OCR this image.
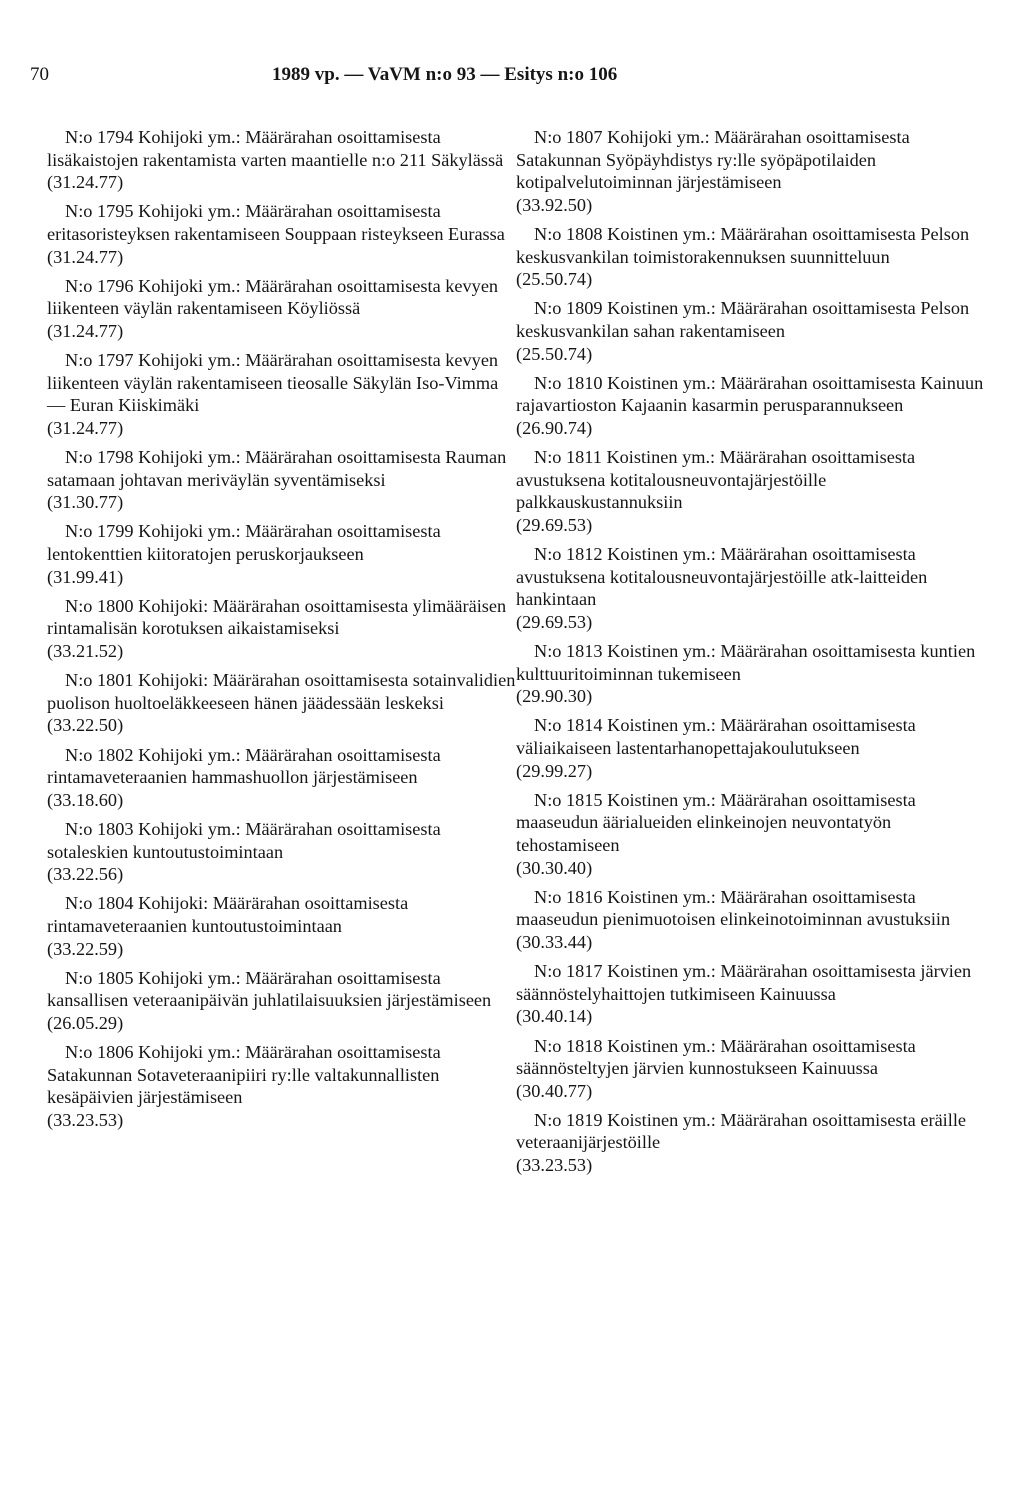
70	1989 vp. — VaVM n:o 93 — Esitys n:o 106

N:o 1794 Kohijoki ym.: Määrärahan osoittamisesta lisäkaistojen rakentamista varten maantielle n:o 211 Säkylässä
(31.24.77)

N:o 1795 Kohijoki ym.: Määrärahan osoittamisesta eritasoristeyksen rakentamiseen Souppaan risteykseen Eurassa
(31.24.77)

N:o 1796 Kohijoki ym.: Määrärahan osoittamisesta kevyen liikenteen väylän rakentamiseen Köyliössä
(31.24.77)

N:o 1797 Kohijoki ym.: Määrärahan osoittamisesta kevyen liikenteen väylän rakentamiseen tieosalle Säkylän Iso-Vimma — Euran Kiiskimäki
(31.24.77)

N:o 1798 Kohijoki ym.: Määrärahan osoittamisesta Rauman satamaan johtavan meriväylän syventämiseksi
(31.30.77)

N:o 1799 Kohijoki ym.: Määrärahan osoittamisesta lentokenttien kiitoratojen peruskorjaukseen
(31.99.41)

N:o 1800 Kohijoki: Määrärahan osoittamisesta ylimääräisen rintamalisän korotuksen aikaistamiseksi
(33.21.52)

N:o 1801 Kohijoki: Määrärahan osoittamisesta sotainvalidien puolison huoltoeläkkeeseen hänen jäädessään leskeksi
(33.22.50)

N:o 1802 Kohijoki ym.: Määrärahan osoittamisesta rintamaveteraanien hammashuollon järjestämiseen
(33.18.60)

N:o 1803 Kohijoki ym.: Määrärahan osoittamisesta sotaleskien kuntoutustoimintaan
(33.22.56)

N:o 1804 Kohijoki: Määrärahan osoittamisesta rintamaveteraanien kuntoutustoimintaan
(33.22.59)

N:o 1805 Kohijoki ym.: Määrärahan osoittamisesta kansallisen veteraanipäivän juhlatilaisuuksien järjestämiseen
(26.05.29)

N:o 1806 Kohijoki ym.: Määrärahan osoittamisesta Satakunnan Sotaveteraanipiiri ry:lle valtakunnallisten kesäpäivien järjestämiseen
(33.23.53)

N:o 1807 Kohijoki ym.: Määrärahan osoittamisesta Satakunnan Syöpäyhdistys ry:lle syöpäpotilaiden kotipalvelutoiminnan järjestämiseen
(33.92.50)

N:o 1808 Koistinen ym.: Määrärahan osoittamisesta Pelson keskusvankilan toimistorakennuksen suunnitteluun
(25.50.74)

N:o 1809 Koistinen ym.: Määrärahan osoittamisesta Pelson keskusvankilan sahan rakentamiseen
(25.50.74)

N:o 1810 Koistinen ym.: Määrärahan osoittamisesta Kainuun rajavartioston Kajaanin kasarmin perusparannukseen
(26.90.74)

N:o 1811 Koistinen ym.: Määrärahan osoittamisesta avustuksena kotitalousneuvontajärjestöille palkkauskustannuksiin
(29.69.53)

N:o 1812 Koistinen ym.: Määrärahan osoittamisesta avustuksena kotitalousneuvontajärjestöille atk-laitteiden hankintaan
(29.69.53)

N:o 1813 Koistinen ym.: Määrärahan osoittamisesta kuntien kulttuuritoiminnan tukemiseen
(29.90.30)

N:o 1814 Koistinen ym.: Määrärahan osoittamisesta väliaikaiseen lastentarhanopettajakoulutukseen
(29.99.27)

N:o 1815 Koistinen ym.: Määrärahan osoittamisesta maaseudun äärialueiden elinkeinojen neuvontatyön tehostamiseen
(30.30.40)

N:o 1816 Koistinen ym.: Määrärahan osoittamisesta maaseudun pienimuotoisen elinkeinotoiminnan avustuksiin
(30.33.44)

N:o 1817 Koistinen ym.: Määrärahan osoittamisesta järvien säännöstelyhaittojen tutkimiseen Kainuussa
(30.40.14)

N:o 1818 Koistinen ym.: Määrärahan osoittamisesta säännösteltyjen järvien kunnostukseen Kainuussa
(30.40.77)

N:o 1819 Koistinen ym.: Määrärahan osoittamisesta eräille veteraanijärjestöille
(33.23.53)
